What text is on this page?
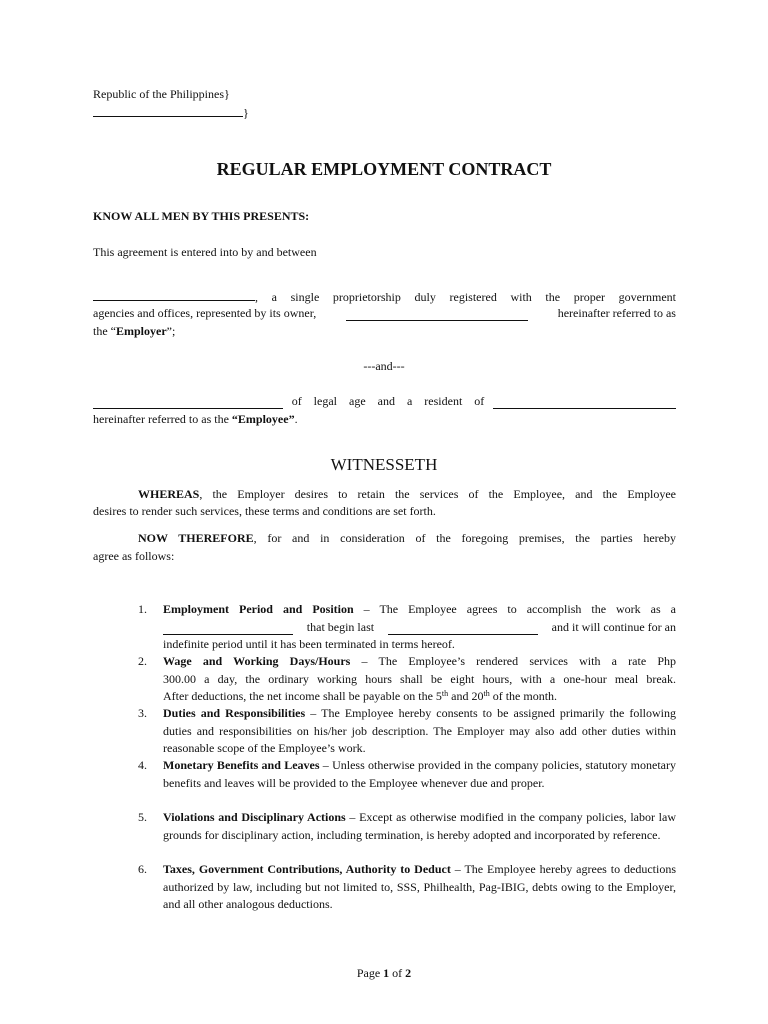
Republic of the Philippines}
}
REGULAR EMPLOYMENT CONTRACT
KNOW ALL MEN BY THIS PRESENTS:
This agreement is entered into by and between
, a single proprietorship duly registered with the proper government
agencies and offices, represented by its owner,	hereinafter referred to as
the “Employer”;
---and---
of legal age and a resident of
hereinafter referred to as the “Employee”.
WITNESSETH
WHEREAS, the Employer desires to retain the services of the Employee, and the Employee
desires to render such services, these terms and conditions are set forth.
NOW THEREFORE, for and in consideration of the foregoing premises, the parties hereby
agree as follows:
1. Employment Period and Position – The Employee agrees to accomplish the work as a
that begin last	and it will continue for an
indefinite period until it has been terminated in terms hereof.
2. Wage and Working Days/Hours – The Employee’s rendered services with a rate Php
300.00 a day, the ordinary working hours shall be eight hours, with a one-hour meal break.
After deductions, the net income shall be payable on the 5th and 20th of the month.
3. Duties and Responsibilities – The Employee hereby consents to be assigned primarily the following duties and responsibilities on his/her job description. The Employer may also add other duties within reasonable scope of the Employee’s work.
4. Monetary Benefits and Leaves – Unless otherwise provided in the company policies, statutory monetary benefits and leaves will be provided to the Employee whenever due and proper.
5. Violations and Disciplinary Actions – Except as otherwise modified in the company policies, labor law grounds for disciplinary action, including termination, is hereby adopted and incorporated by reference.
6. Taxes, Government Contributions, Authority to Deduct – The Employee hereby agrees to deductions authorized by law, including but not limited to, SSS, Philhealth, Pag-IBIG, debts owing to the Employer, and all other analogous deductions.
Page 1 of 2
